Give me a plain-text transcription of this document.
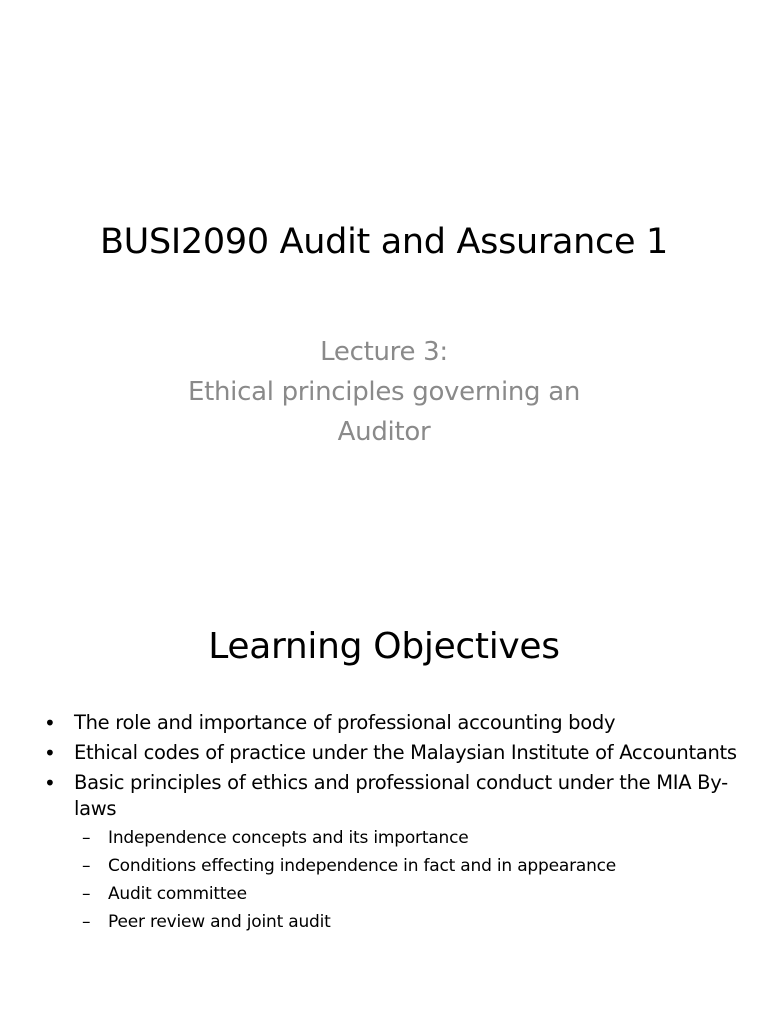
BUSI2090 Audit and Assurance 1
Lecture 3:
Ethical principles governing an
Auditor
Learning Objectives
• The role and importance of professional accounting body
• Ethical codes of practice under the Malaysian Institute of Accountants
• Basic principles of ethics and professional conduct under the MIA By-laws
– Independence concepts and its importance
– Conditions effecting independence in fact and in appearance
– Audit committee
– Peer review and joint audit
